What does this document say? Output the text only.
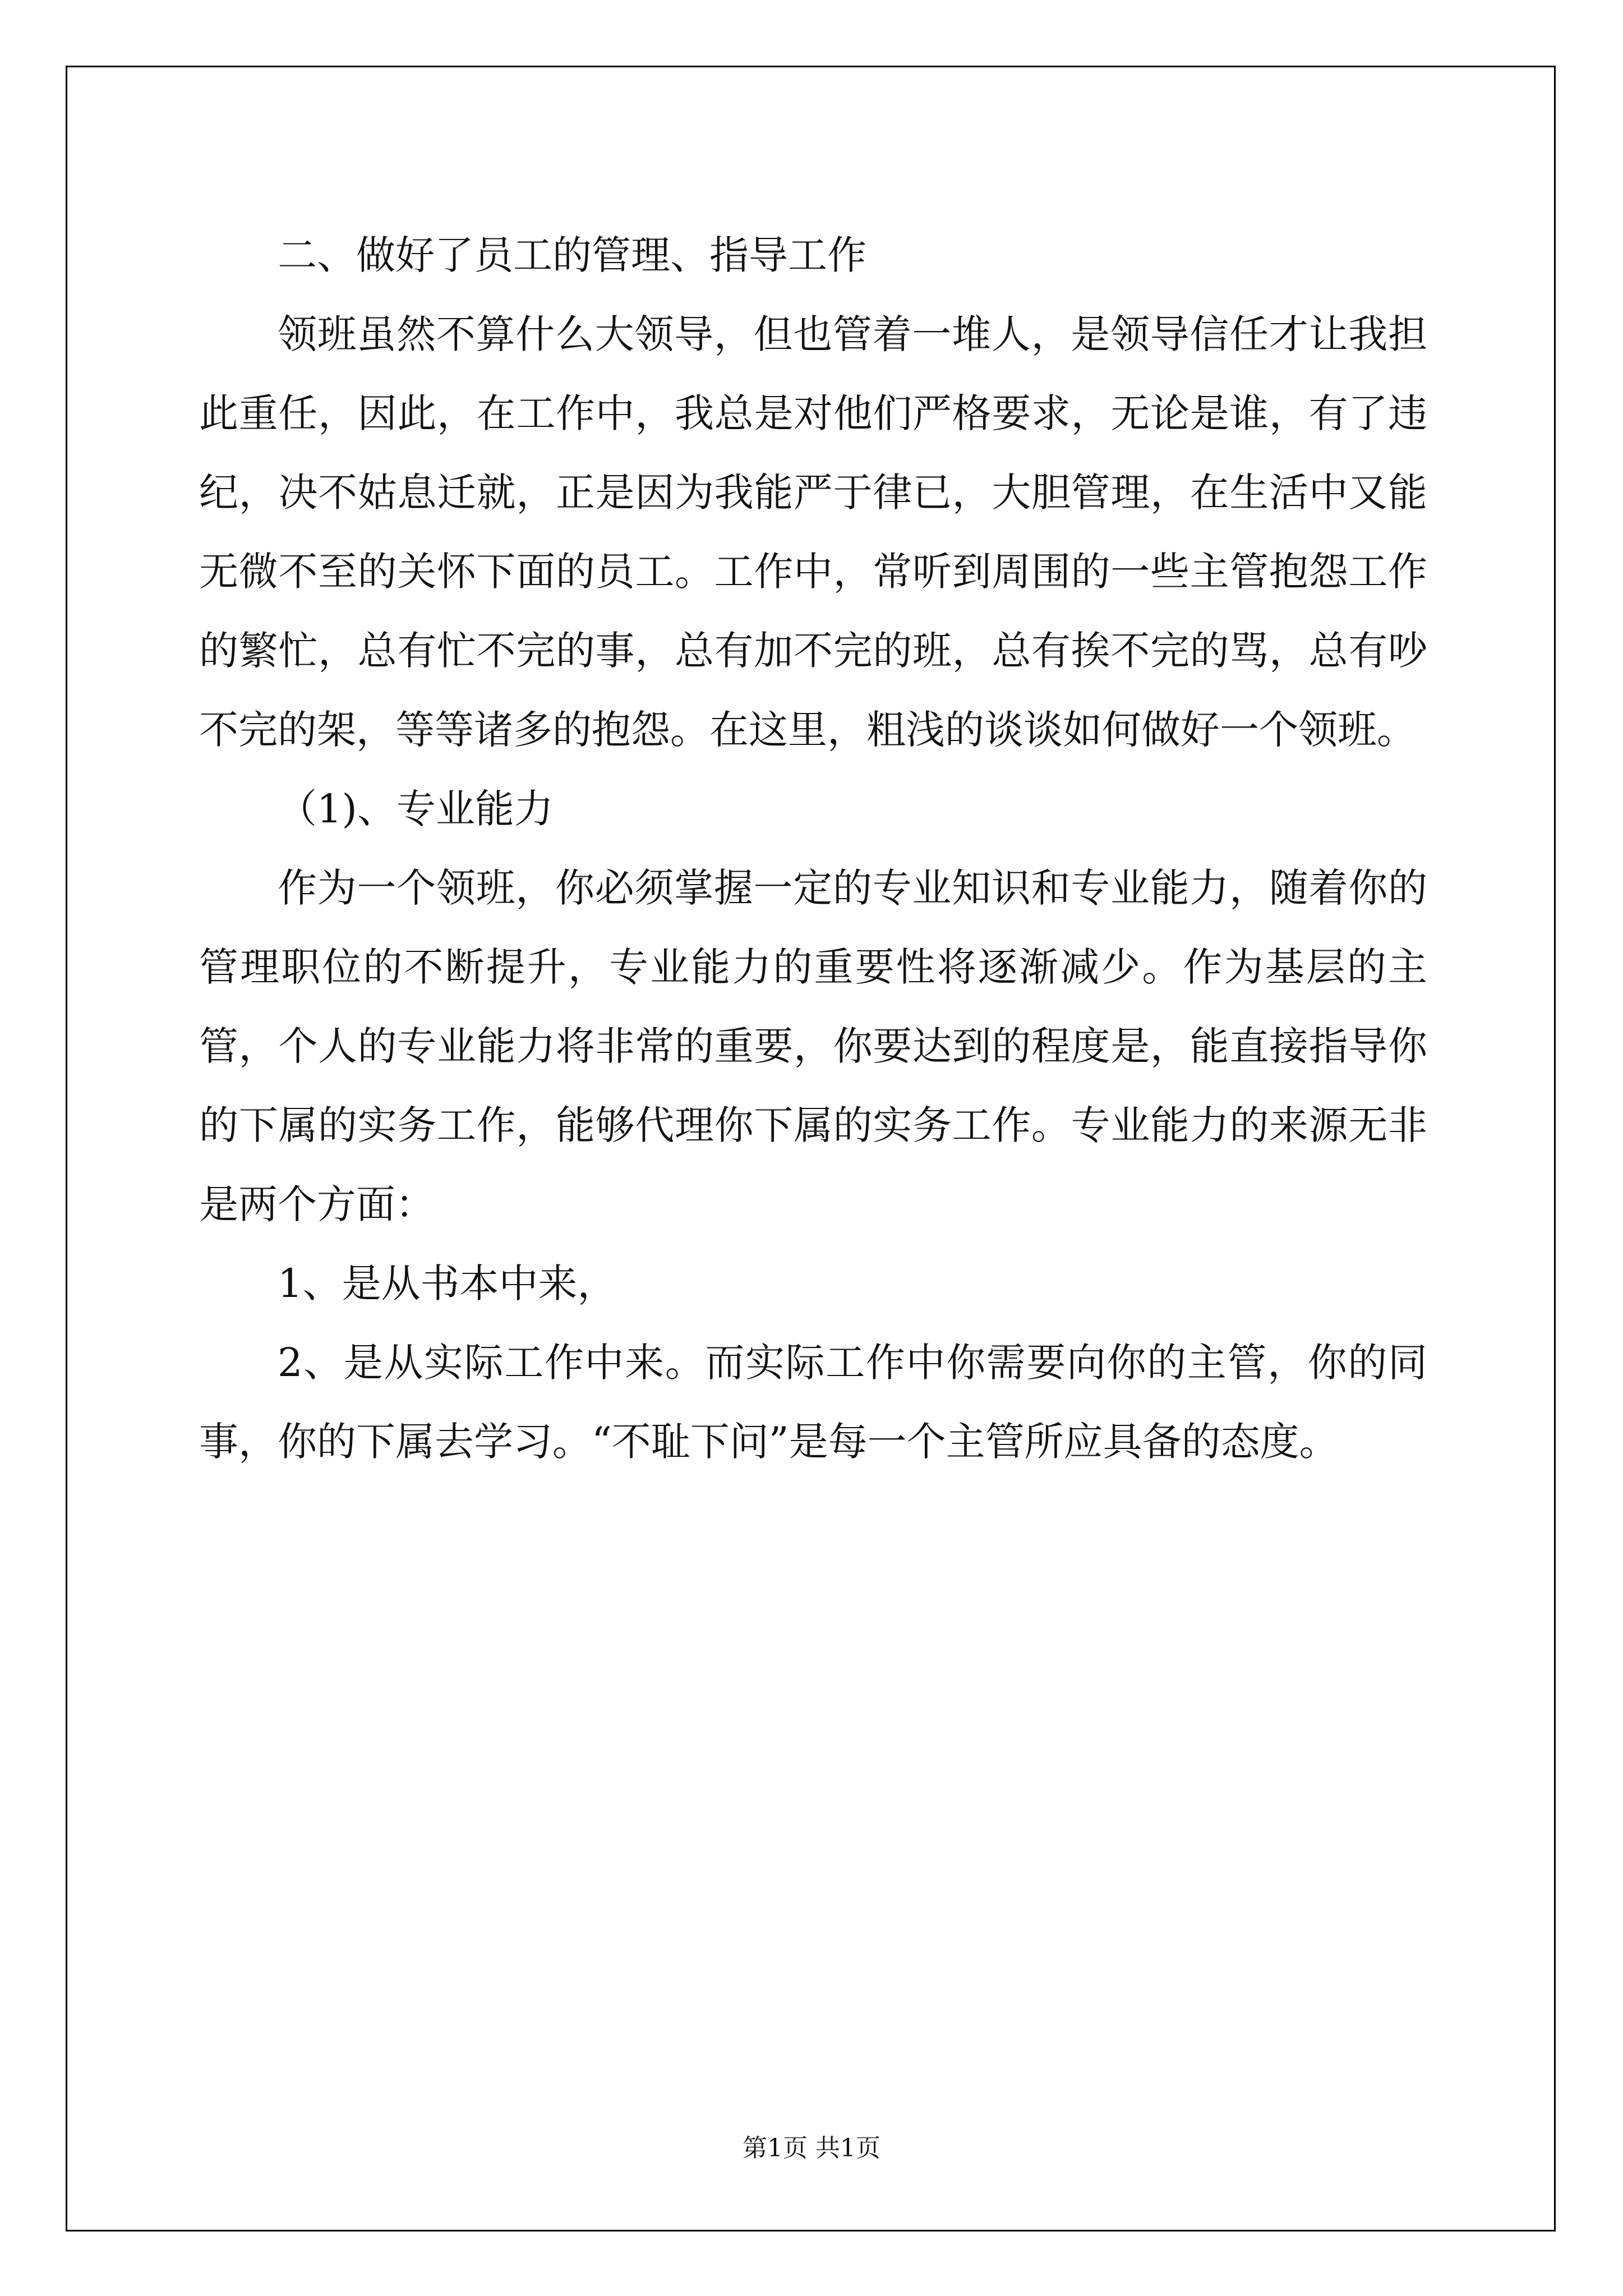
二、做好了员工的管理、指导工作

领班虽然不算什么大领导，但也管着一堆人，是领导信任才让我担此重任，因此，在工作中，我总是对他们严格要求，无论是谁，有了违纪，决不姑息迁就，正是因为我能严于律已，大胆管理，在生活中又能无微不至的关怀下面的员工。工作中，常听到周围的一些主管抱怨工作的繁忙，总有忙不完的事，总有加不完的班，总有挨不完的骂，总有吵不完的架，等等诸多的抱怨。在这里，粗浅的谈谈如何做好一个领班。

（1)、专业能力

作为一个领班，你必须掌握一定的专业知识和专业能力，随着你的管理职位的不断提升，专业能力的重要性将逐渐减少。作为基层的主管，个人的专业能力将非常的重要，你要达到的程度是，能直接指导你的下属的实务工作，能够代理你下属的实务工作。专业能力的来源无非是两个方面：

1、是从书本中来，

2、是从实际工作中来。而实际工作中你需要向你的主管，你的同事，你的下属去学习。“不耻下问”是每一个主管所应具备的态度。

第1页 共1页
